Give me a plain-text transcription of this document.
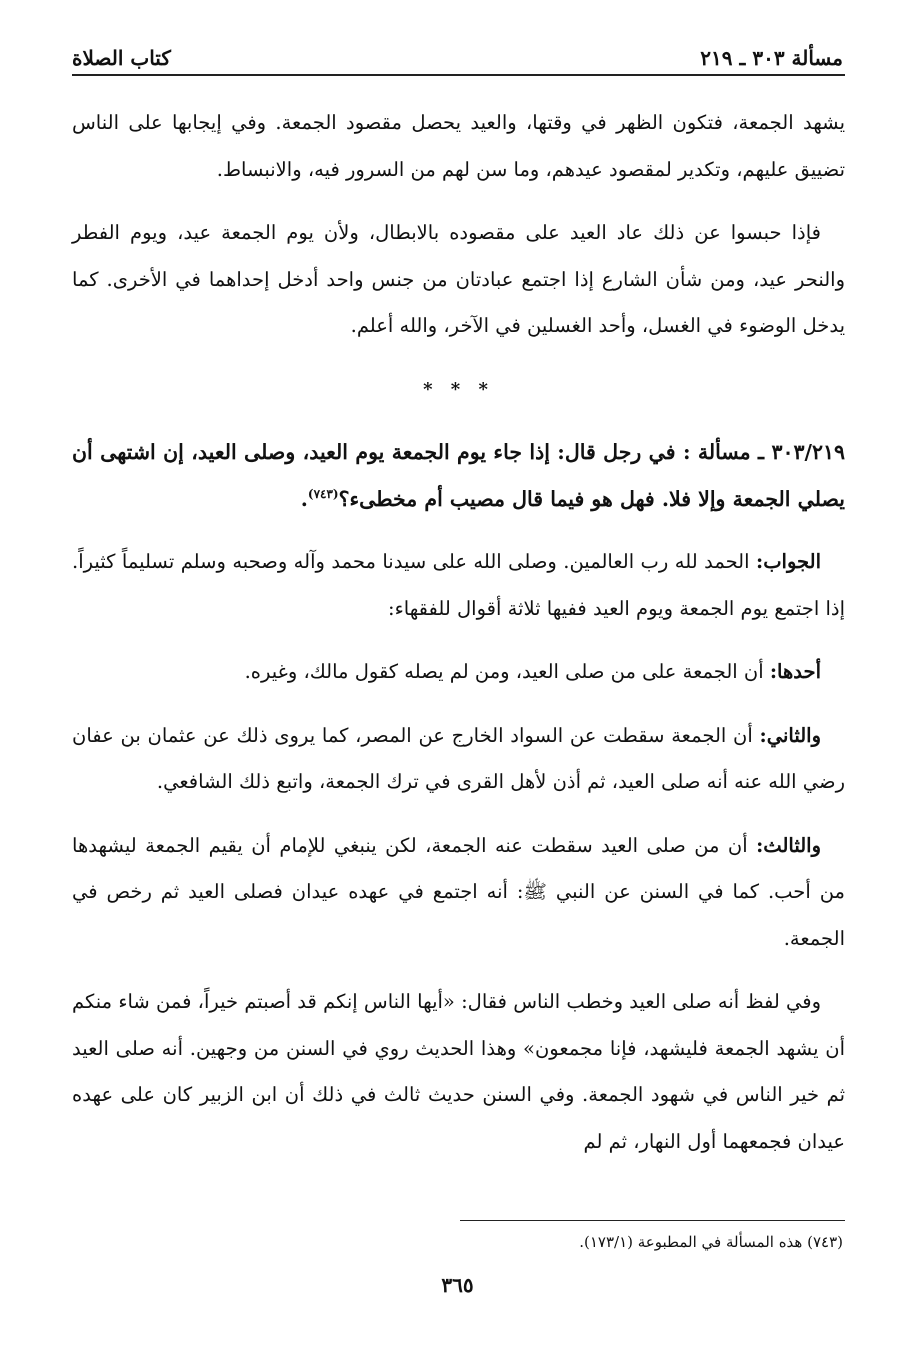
مسألة ٣٠٣ ـ ٢١٩
كتاب الصلاة

يشهد الجمعة، فتكون الظهر في وقتها، والعيد يحصل مقصود الجمعة. وفي إيجابها على الناس تضييق عليهم، وتكدير لمقصود عيدهم، وما سن لهم من السرور فيه، والانبساط.

فإذا حبسوا عن ذلك عاد العيد على مقصوده بالابطال، ولأن يوم الجمعة عيد، ويوم الفطر والنحر عيد، ومن شأن الشارع إذا اجتمع عبادتان من جنس واحد أدخل إحداهما في الأخرى. كما يدخل الوضوء في الغسل، وأحد الغسلين في الآخر، والله أعلم.

* * *

٣٠٣/٢١٩ ـ مسألة : في رجل قال: إذا جاء يوم الجمعة يوم العيد، وصلى العيد، إن اشتهى أن يصلي الجمعة وإلا فلا. فهل هو فيما قال مصيب أم مخطىء؟$^{(٧٤٣)}$.

الجواب: الحمد لله رب العالمين. وصلى الله على سيدنا محمد وآله وصحبه وسلم تسليماً كثيراً. إذا اجتمع يوم الجمعة ويوم العيد ففيها ثلاثة أقوال للفقهاء:

أحدها: أن الجمعة على من صلى العيد، ومن لم يصله كقول مالك، وغيره.

والثاني: أن الجمعة سقطت عن السواد الخارج عن المصر، كما يروى ذلك عن عثمان بن عفان رضي الله عنه أنه صلى العيد، ثم أذن لأهل القرى في ترك الجمعة، واتبع ذلك الشافعي.

والثالث: أن من صلى العيد سقطت عنه الجمعة، لكن ينبغي للإمام أن يقيم الجمعة ليشهدها من أحب. كما في السنن عن النبي ﷺ: أنه اجتمع في عهده عيدان فصلى العيد ثم رخص في الجمعة.

وفي لفظ أنه صلى العيد وخطب الناس فقال: «أيها الناس إنكم قد أصبتم خيراً، فمن شاء منكم أن يشهد الجمعة فليشهد، فإنا مجمعون» وهذا الحديث روي في السنن من وجهين. أنه صلى العيد ثم خير الناس في شهود الجمعة. وفي السنن حديث ثالث في ذلك أن ابن الزبير كان على عهده عيدان فجمعهما أول النهار، ثم لم

(٧٤٣) هذه المسألة في المطبوعة (١٧٣/١).
٣٦٥
